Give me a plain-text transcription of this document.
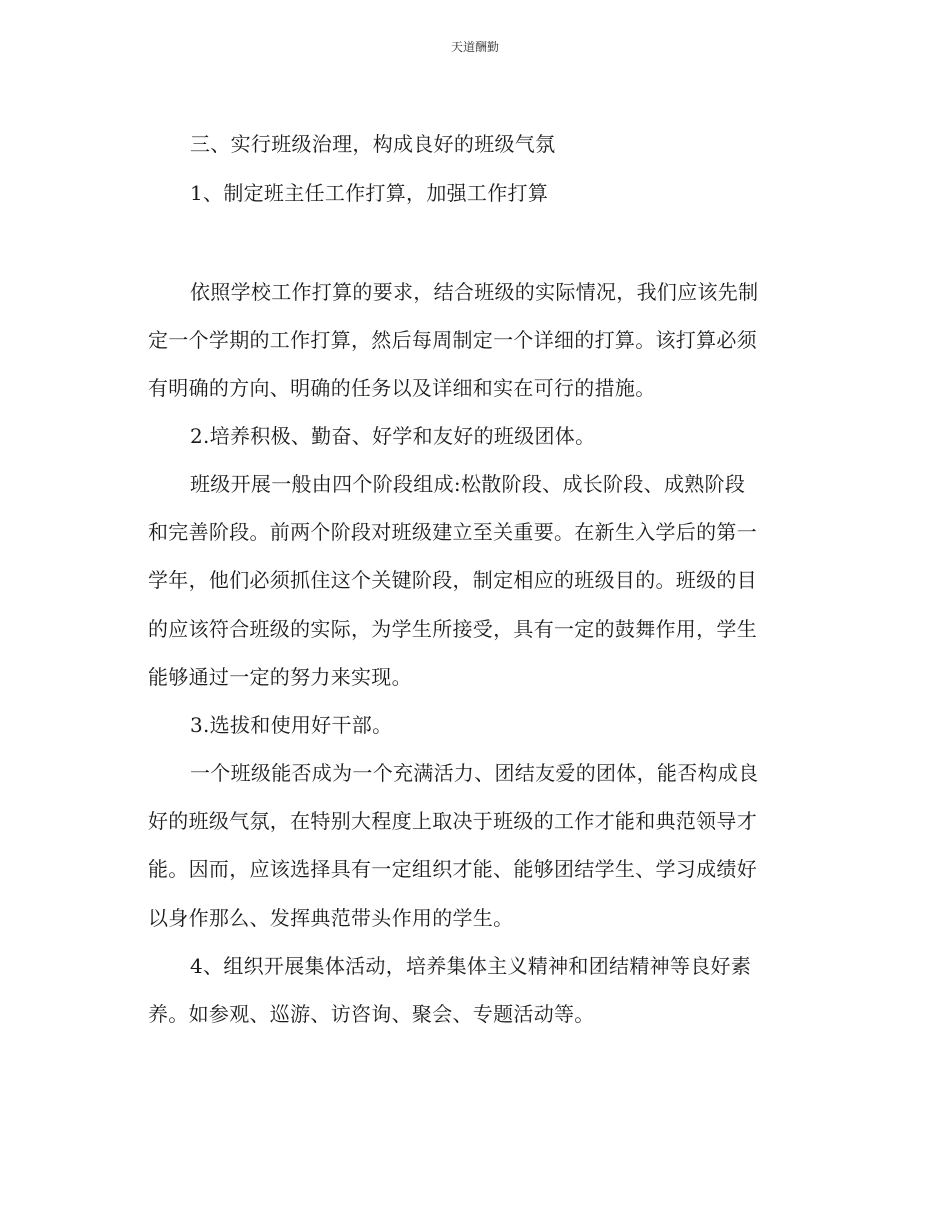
天道酬勤
三、实行班级治理，构成良好的班级气氛
1、制定班主任工作打算，加强工作打算
依照学校工作打算的要求，结合班级的实际情况，我们应该先制
定一个学期的工作打算，然后每周制定一个详细的打算。该打算必须
有明确的方向、明确的任务以及详细和实在可行的措施。
2.培养积极、勤奋、好学和友好的班级团体。
班级开展一般由四个阶段组成:松散阶段、成长阶段、成熟阶段
和完善阶段。前两个阶段对班级建立至关重要。在新生入学后的第一
学年，他们必须抓住这个关键阶段，制定相应的班级目的。班级的目
的应该符合班级的实际，为学生所接受，具有一定的鼓舞作用，学生
能够通过一定的努力来实现。
3.选拔和使用好干部。
一个班级能否成为一个充满活力、团结友爱的团体，能否构成良
好的班级气氛，在特别大程度上取决于班级的工作才能和典范领导才
能。因而，应该选择具有一定组织才能、能够团结学生、学习成绩好
以身作那么、发挥典范带头作用的学生。
4、组织开展集体活动，培养集体主义精神和团结精神等良好素
养。如参观、巡游、访咨询、聚会、专题活动等。
